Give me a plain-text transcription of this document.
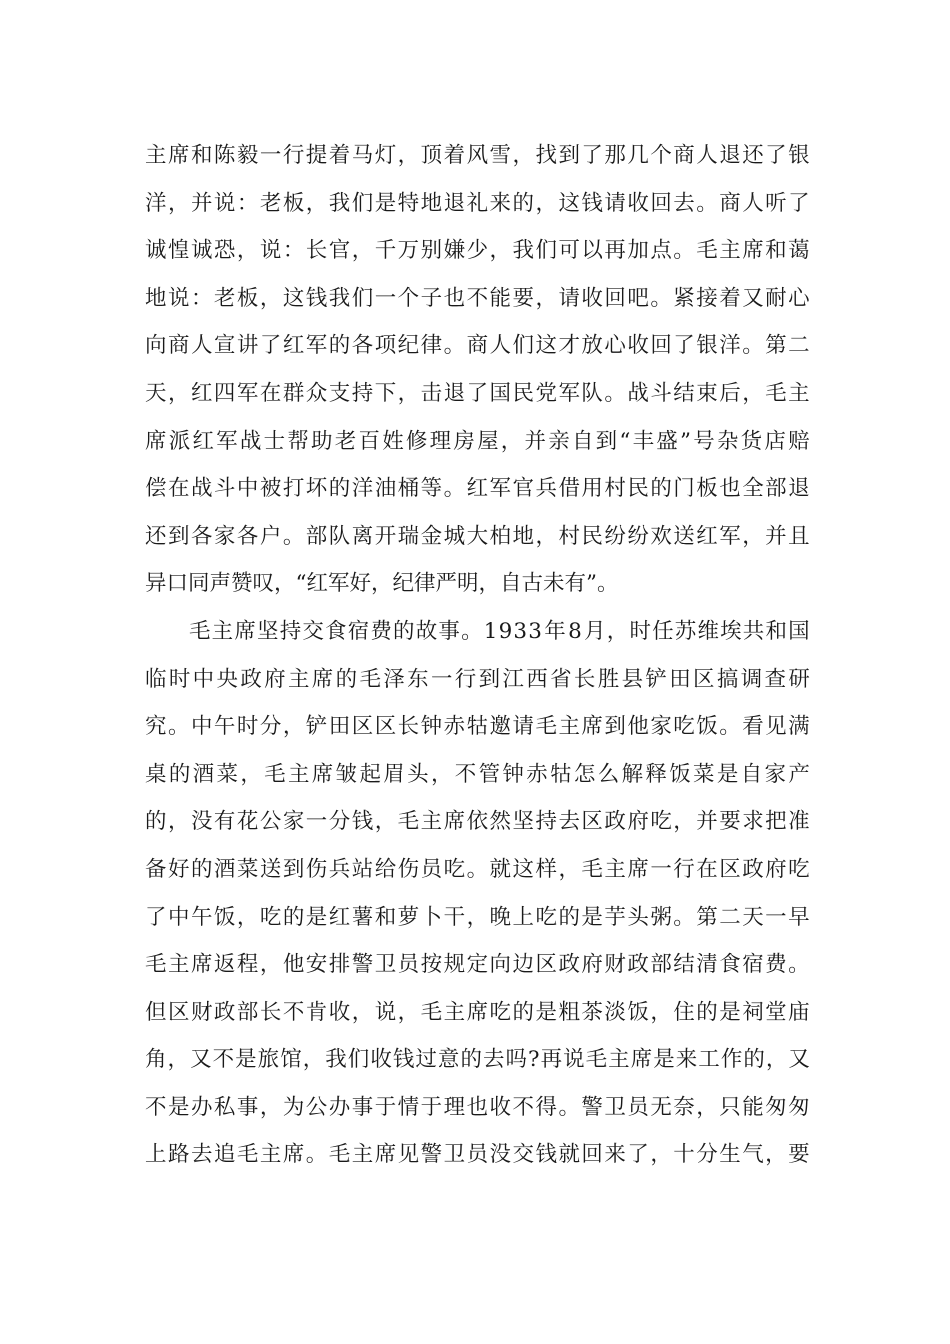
主 席 和 陈 毅 一 行 提 着 马 灯 ， 顶 着 风 雪 ， 找 到 了 那 几 个 商 人 退 还 了 银
洋 ， 并 说 ： 老 板 ， 我 们 是 特 地 退 礼 来 的 ， 这 钱 请 收 回 去 。 商 人 听 了
诚 惶 诚 恐 ， 说 ： 长 官 ， 千 万 别 嫌 少 ， 我 们 可 以 再 加 点 。 毛 主 席 和 蔼
地 说 ： 老 板 ， 这 钱 我 们 一 个 子 也 不 能 要 ， 请 收 回 吧 。 紧 接 着 又 耐 心
向 商 人 宣 讲 了 红 军 的 各 项 纪 律 。 商 人 们 这 才 放 心 收 回 了 银 洋 。 第 二
天 ， 红 四 军 在 群 众 支 持 下 ， 击 退 了 国 民 党 军 队 。 战 斗 结 束 后 ， 毛 主
席 派 红 军 战 士 帮 助 老 百 姓 修 理 房 屋 ， 并 亲 自 到 “ 丰 盛 ” 号 杂 货 店 赔
偿 在 战 斗 中 被 打 坏 的 洋 油 桶 等 。 红 军 官 兵 借 用 村 民 的 门 板 也 全 部 退
还 到 各 家 各 户 。 部 队 离 开 瑞 金 城 大 柏 地 ， 村 民 纷 纷 欢 送 红 军 ， 并 且
异口同声赞叹，“红军好，纪律严明，自古未有”。
毛 主 席 坚 持 交 食 宿 费 的 故 事 。 1 9 3 3 年 8 月 ， 时 任 苏 维 埃 共 和 国
临 时 中 央 政 府 主 席 的 毛 泽 东 一 行 到 江 西 省 长 胜 县 铲 田 区 搞 调 查 研
究 。 中 午 时 分 ， 铲 田 区 区 长 钟 赤 牯 邀 请 毛 主 席 到 他 家 吃 饭 。 看 见 满
桌 的 酒 菜 ， 毛 主 席 皱 起 眉 头 ， 不 管 钟 赤 牯 怎 么 解 释 饭 菜 是 自 家 产
的 ， 没 有 花 公 家 一 分 钱 ， 毛 主 席 依 然 坚 持 去 区 政 府 吃 ， 并 要 求 把 准
备 好 的 酒 菜 送 到 伤 兵 站 给 伤 员 吃 。 就 这 样 ， 毛 主 席 一 行 在 区 政 府 吃
了 中 午 饭 ， 吃 的 是 红 薯 和 萝 卜 干 ， 晚 上 吃 的 是 芋 头 粥 。 第 二 天 一 早
毛 主 席 返 程 ， 他 安 排 警 卫 员 按 规 定 向 边 区 政 府 财 政 部 结 清 食 宿 费 。
但 区 财 政 部 长 不 肯 收 ， 说 ， 毛 主 席 吃 的 是 粗 茶 淡 饭 ， 住 的 是 祠 堂 庙
角 ， 又 不 是 旅 馆 ， 我 们 收 钱 过 意 的 去 吗 ? 再 说 毛 主 席 是 来 工 作 的 ， 又
不 是 办 私 事 ， 为 公 办 事 于 情 于 理 也 收 不 得 。 警 卫 员 无 奈 ， 只 能 匆 匆
上 路 去 追 毛 主 席 。 毛 主 席 见 警 卫 员 没 交 钱 就 回 来 了 ， 十 分 生 气 ， 要
